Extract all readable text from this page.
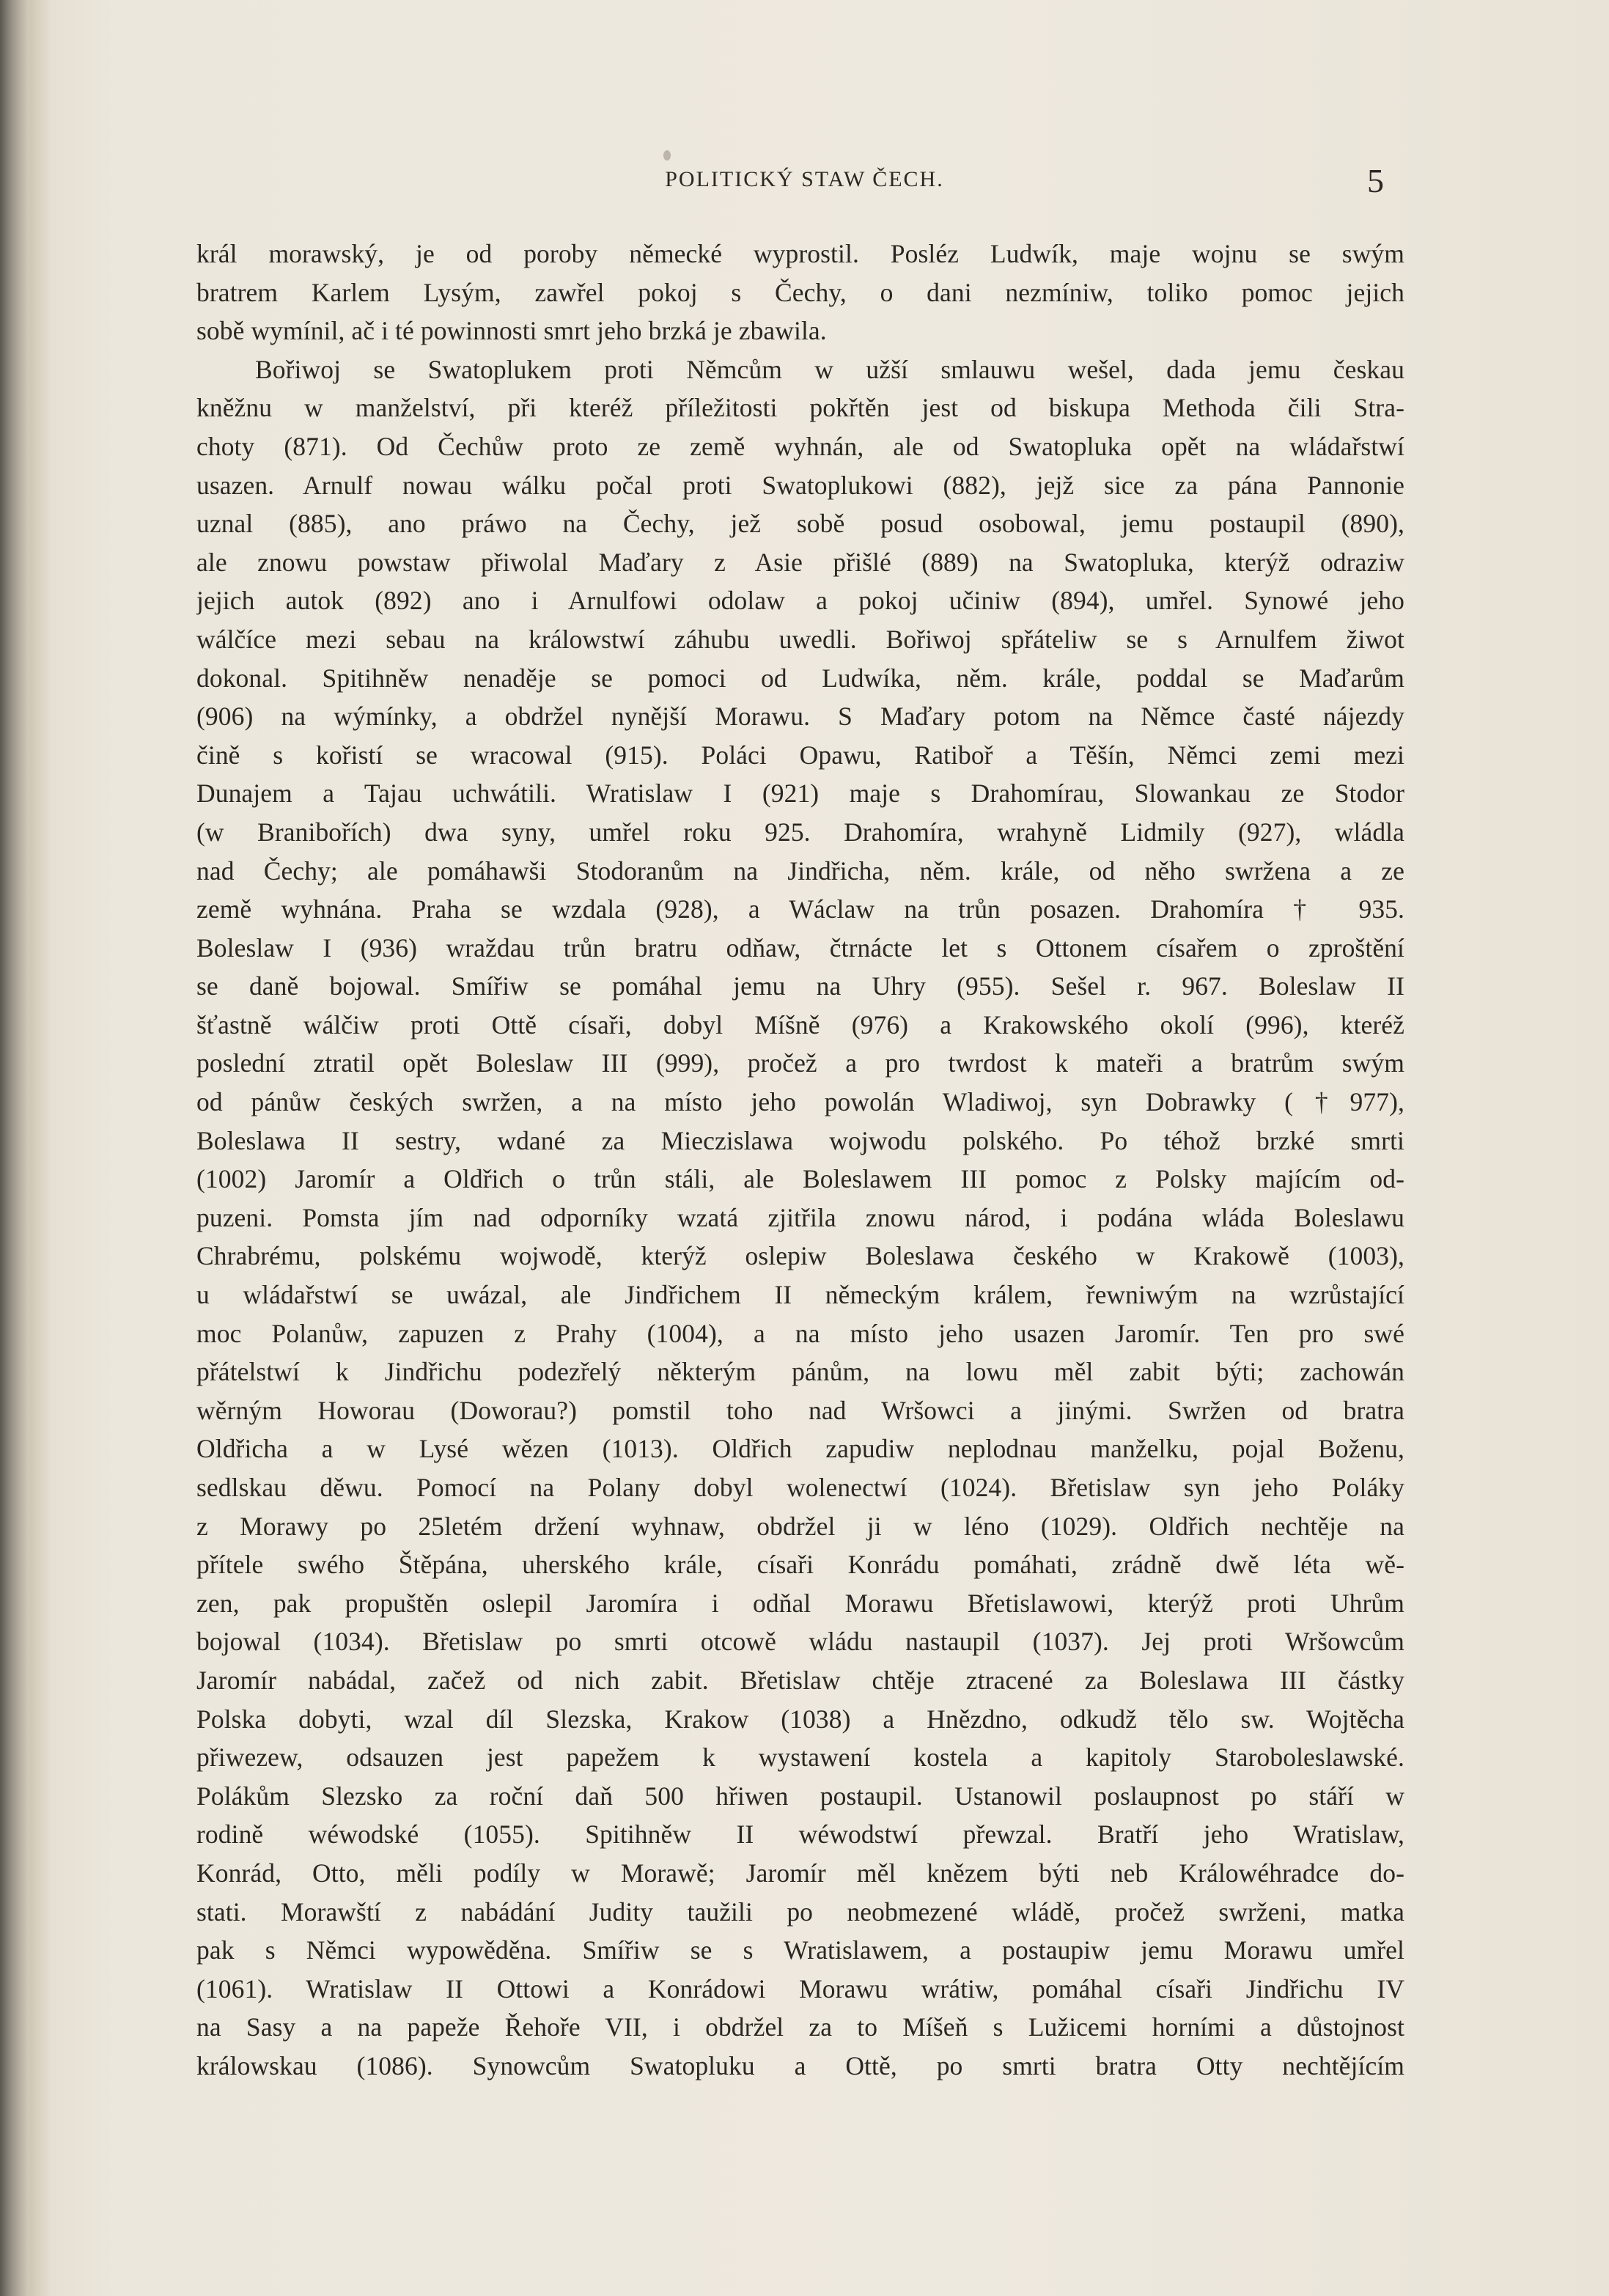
POLITICKÝ STAW ČECH.	5
král morawský, je od poroby německé wyprostil. Posléz Ludwík, maje wojnu se swým
bratrem Karlem Lysým, zawřel pokoj s Čechy, o dani nezmíniw, toliko pomoc jejich
sobě wymínil, ač i té powinnosti smrt jeho brzká je zbawila.
Bořiwoj se Swatoplukem proti Němcům w užší smlauwu wešel, dada jemu českau
kněžnu w manželství, při kteréž příležitosti pokřtěn jest od biskupa Methoda čili Stra-
choty (871). Od Čechůw proto ze země wyhnán, ale od Swatopluka opět na wládařstwí
usazen. Arnulf nowau wálku počal proti Swatoplukowi (882), jejž sice za pána Pannonie
uznal (885), ano práwo na Čechy, jež sobě posud osobowal, jemu postaupil (890),
ale znowu powstaw přiwolal Maďary z Asie přišlé (889) na Swatopluka, kterýž odraziw
jejich autok (892) ano i Arnulfowi odolaw a pokoj učiniw (894), umřel. Synowé jeho
wálčíce mezi sebau na králowstwí záhubu uwedli. Bořiwoj spřáteliw se s Arnulfem žiwot
dokonal. Spitihněw nenaděje se pomoci od Ludwíka, něm. krále, poddal se Maďarům
(906) na wýmínky, a obdržel nynější Morawu. S Maďary potom na Němce časté nájezdy
čině s kořistí se wracowal (915). Poláci Opawu, Ratiboř a Těšín, Němci zemi mezi
Dunajem a Tajau uchwátili. Wratislaw I (921) maje s Drahomírau, Slowankau ze Stodor
(w Branibořích) dwa syny, umřel roku 925. Drahomíra, wrahyně Lidmily (927), wládla
nad Čechy; ale pomáhawši Stodoranům na Jindřicha, něm. krále, od něho swržena a ze
země wyhnána. Praha se wzdala (928), a Wáclaw na trůn posazen. Drahomíra † 935.
Boleslaw I (936) wraždau trůn bratru odňaw, čtrnácte let s Ottonem císařem o zproštění
se daně bojowal. Smířiw se pomáhal jemu na Uhry (955). Sešel r. 967. Boleslaw II
šťastně wálčiw proti Ottě císaři, dobyl Míšně (976) a Krakowského okolí (996), kteréž
poslední ztratil opět Boleslaw III (999), pročež a pro twrdost k mateři a bratrům swým
od pánůw českých swržen, a na místo jeho powolán Wladiwoj, syn Dobrawky (†977),
Boleslawa II sestry, wdané za Mieczislawa wojwodu polského. Po téhož brzké smrti
(1002) Jaromír a Oldřich o trůn stáli, ale Boleslawem III pomoc z Polsky majícím od-
puzeni. Pomsta jím nad odporníky wzatá zjitřila znowu národ, i podána wláda Boleslawu
Chrabrému, polskému wojwodě, kterýž oslepiw Boleslawa českého w Krakowě (1003),
u wládařstwí se uwázal, ale Jindřichem II německým králem, řewniwým na wzrůstající
moc Polanůw, zapuzen z Prahy (1004), a na místo jeho usazen Jaromír. Ten pro swé
přátelstwí k Jindřichu podezřelý některým pánům, na lowu měl zabit býti; zachowán
wěrným Howorau (Doworau?) pomstil toho nad Wršowci a jinými. Swržen od bratra
Oldřicha a w Lysé wězen (1013). Oldřich zapudiw neplodnau manželku, pojal Boženu,
sedlskau děwu. Pomocí na Polany dobyl wolenectwí (1024). Břetislaw syn jeho Poláky
z Morawy po 25letém držení wyhnaw, obdržel ji w léno (1029). Oldřich nechtěje na
přítele swého Štěpána, uherského krále, císaři Konrádu pomáhati, zrádně dwě léta wě-
zen, pak propuštěn oslepil Jaromíra i odňal Morawu Břetislawowi, kterýž proti Uhrům
bojowal (1034). Břetislaw po smrti otcowě wládu nastaupil (1037). Jej proti Wršowcům
Jaromír nabádal, začež od nich zabit. Břetislaw chtěje ztracené za Boleslawa III částky
Polska dobyti, wzal díl Slezska, Krakow (1038) a Hnězdno, odkudž tělo sw. Wojtěcha
přiwezew, odsauzen jest papežem k wystawení kostela a kapitoly Staroboleslawské.
Polákům Slezsko za roční daň 500 hřiwen postaupil. Ustanowil poslaupnost po stáří w
rodině wéwodské (1055). Spitihněw II wéwodstwí přewzal. Bratří jeho Wratislaw,
Konrád, Otto, měli podíly w Morawě; Jaromír měl knězem býti neb Králowéhradce do-
stati. Morawští z nabádání Judity taužili po neobmezené wládě, pročež swrženi, matka
pak s Němci wypowěděna. Smířiw se s Wratislawem, a postaupiw jemu Morawu umřel
(1061). Wratislaw II Ottowi a Konrádowi Morawu wrátiw, pomáhal císaři Jindřichu IV
na Sasy a na papeže Řehoře VII, i obdržel za to Míšeň s Lužicemi horními a důstojnost
králowskau (1086). Synowcům Swatopluku a Ottě, po smrti bratra Otty nechtějícím
